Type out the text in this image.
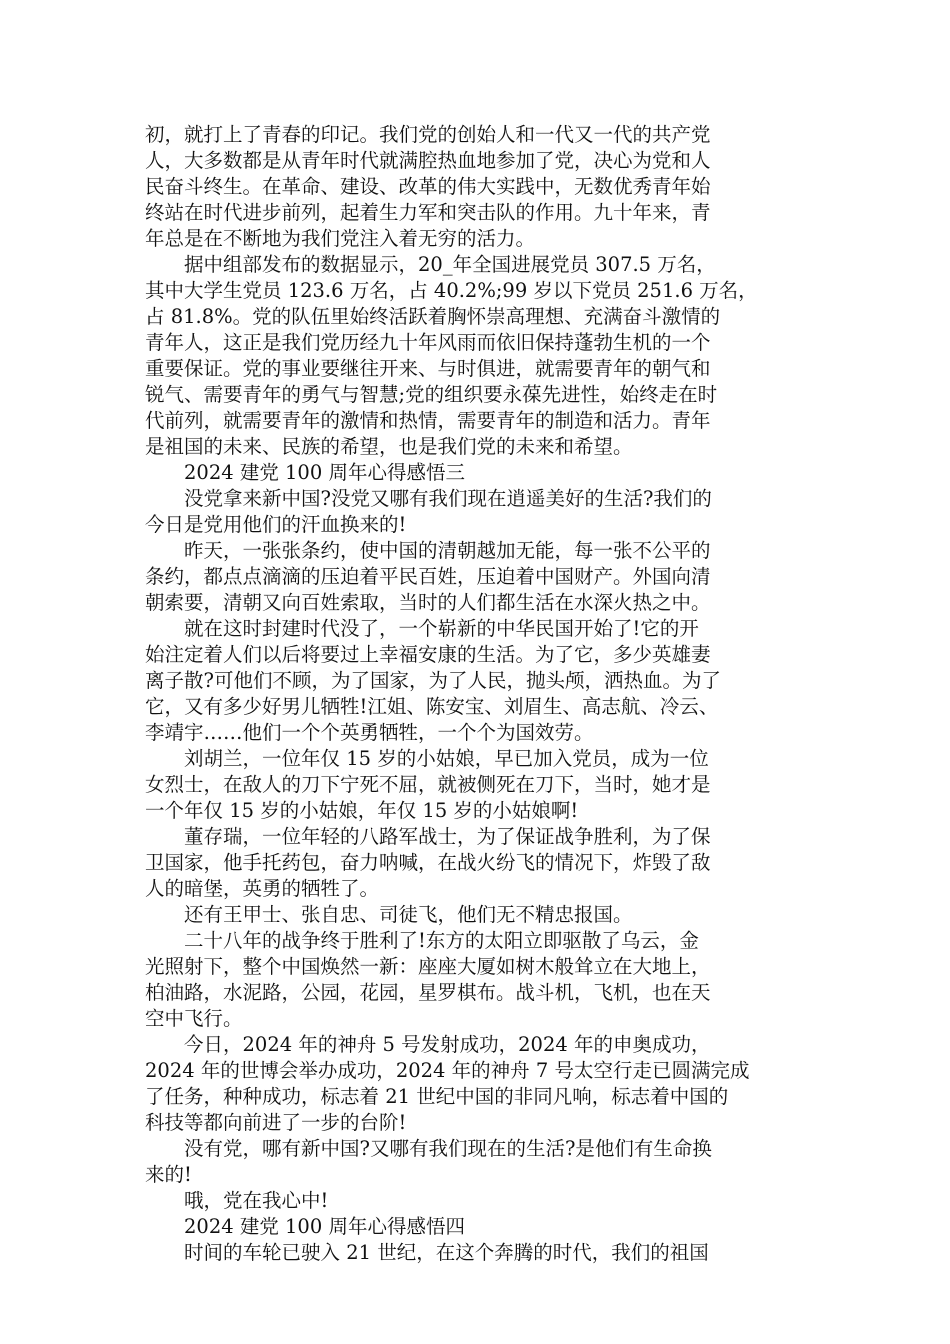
初，就打上了青春的印记。我们党的创始人和一代又一代的共产党
人，大多数都是从青年时代就满腔热血地参加了党，决心为党和人
民奋斗终生。在革命、建设、改革的伟大实践中，无数优秀青年始
终站在时代进步前列，起着生力军和突击队的作用。九十年来，青
年总是在不断地为我们党注入着无穷的活力。
　　据中组部发布的数据显示，20_年全国进展党员 307.5 万名，
其中大学生党员 123.6 万名，占 40.2%;99 岁以下党员 251.6 万名，
占 81.8%。党的队伍里始终活跃着胸怀崇高理想、充满奋斗激情的
青年人，这正是我们党历经九十年风雨而依旧保持蓬勃生机的一个
重要保证。党的事业要继往开来、与时俱进，就需要青年的朝气和
锐气、需要青年的勇气与智慧;党的组织要永葆先进性，始终走在时
代前列，就需要青年的激情和热情，需要青年的制造和活力。青年
是祖国的未来、民族的希望，也是我们党的未来和希望。
　　2024 建党 100 周年心得感悟三
　　没党拿来新中国?没党又哪有我们现在逍遥美好的生活?我们的
今日是党用他们的汗血换来的!
　　昨天，一张张条约，使中国的清朝越加无能，每一张不公平的
条约，都点点滴滴的压迫着平民百姓，压迫着中国财产。外国向清
朝索要，清朝又向百姓索取，当时的人们都生活在水深火热之中。
　　就在这时封建时代没了，一个崭新的中华民国开始了!它的开
始注定着人们以后将要过上幸福安康的生活。为了它，多少英雄妻
离子散?可他们不顾，为了国家，为了人民，抛头颅，洒热血。为了
它，又有多少好男儿牺牲!江姐、陈安宝、刘眉生、高志航、冷云、
李靖宇……他们一个个英勇牺牲，一个个为国效劳。
　　刘胡兰，一位年仅 15 岁的小姑娘，早已加入党员，成为一位
女烈士，在敌人的刀下宁死不屈，就被侧死在刀下，当时，她才是
一个年仅 15 岁的小姑娘，年仅 15 岁的小姑娘啊!
　　董存瑞，一位年轻的八路军战士，为了保证战争胜利，为了保
卫国家，他手托药包，奋力呐喊，在战火纷飞的情况下，炸毁了敌
人的暗堡，英勇的牺牲了。
　　还有王甲士、张自忠、司徒飞，他们无不精忠报国。
　　二十八年的战争终于胜利了!东方的太阳立即驱散了乌云，金
光照射下，整个中国焕然一新：座座大厦如树木般耸立在大地上，
柏油路，水泥路，公园，花园，星罗棋布。战斗机，飞机，也在天
空中飞行。
　　今日，2024 年的神舟 5 号发射成功，2024 年的申奥成功，
2024 年的世博会举办成功，2024 年的神舟 7 号太空行走已圆满完成
了任务，种种成功，标志着 21 世纪中国的非同凡响，标志着中国的
科技等都向前进了一步的台阶!
　　没有党，哪有新中国?又哪有我们现在的生活?是他们有生命换
来的!
　　哦，党在我心中!
　　2024 建党 100 周年心得感悟四
　　时间的车轮已驶入 21 世纪，在这个奔腾的时代，我们的祖国
